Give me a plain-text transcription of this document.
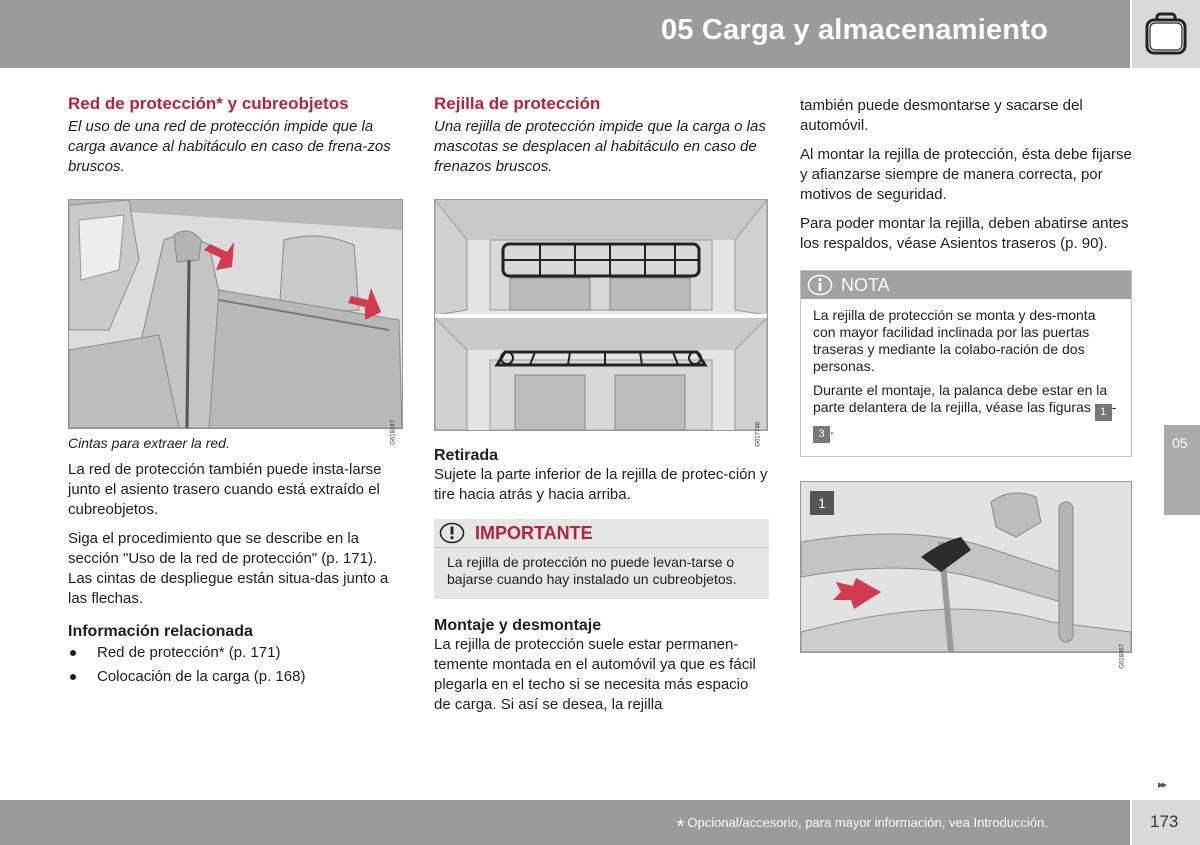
05 Carga y almacenamiento
05
Red de protección* y cubreobjetos

El uso de una red de protección impide que la carga avance al habitáculo en caso de frena-zos bruscos.

G018247
Cintas para extraer la red.

La red de protección también puede insta-larse junto el asiento trasero cuando está extraído el cubreobjetos.

Siga el procedimiento que se describe en la sección "Uso de la red de protección" (p. 171). Las cintas de despliegue están situa-das junto a las flechas.

Información relacionada
Red de protección* (p. 171)
Colocación de la carga (p. 168)
Rejilla de protección

Una rejilla de protección impide que la carga o las mascotas se desplacen al habitáculo en caso de frenazos bruscos.

G017748
Retirada

Sujete la parte inferior de la rejilla de protec-ción y tire hacia atrás y hacia arriba.

IMPORTANTE
La rejilla de protección no puede levan-tarse o bajarse cuando hay instalado un cubreobjetos.
Montaje y desmontaje

La rejilla de protección suele estar permanen-temente montada en el automóvil ya que es fácil plegarla en el techo si se necesita más espacio de carga. Si así se desea, la rejilla

también puede desmontarse y sacarse del automóvil.

Al montar la rejilla de protección, ésta debe fijarse y afianzarse siempre de manera correcta, por motivos de seguridad.

Para poder montar la rejilla, deben abatirse antes los respaldos, véase Asientos traseros (p. 90).

NOTA

La rejilla de protección se monta y des-monta con mayor facilidad inclinada por las puertas traseras y mediante la colabo-ración de dos personas.

Durante el montaje, la palanca debe estar en la parte delantera de la rejilla, véase las figuras 1 -3 .

1
G018367
▸▸
* Opcional/accesorio, para mayor información, vea Introducción.	173
